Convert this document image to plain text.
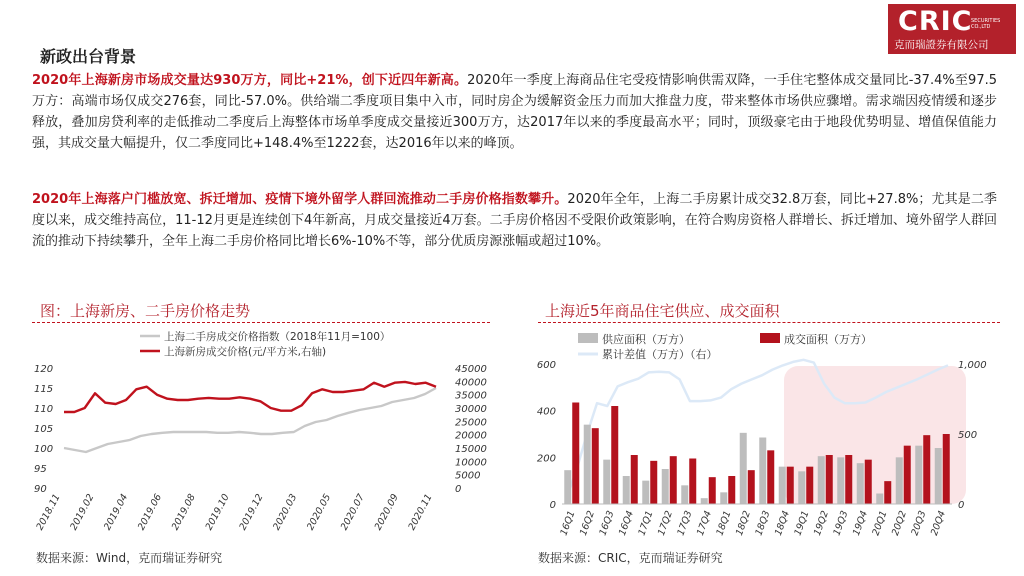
CRIC
SECURITIES CO.,LTD
克而瑞證券有限公司
新政出台背景
2020年上海新房市场成交量达930万方，同比+21%，创下近四年新高。2020年一季度上海商品住宅受疫情影响供需双降，一手住宅整体成交量同比-37.4%至97.5万方：高端市场仅成交276套，同比-57.0%。供给端二季度项目集中入市，同时房企为缓解资金压力而加大推盘力度，带来整体市场供应骤增。需求端因疫情缓和逐步释放，叠加房贷利率的走低推动二季度后上海整体市场单季度成交量接近300万方，达2017年以来的季度最高水平；同时，顶级豪宅由于地段优势明显、增值保值能力强，其成交量大幅提升，仅二季度同比+148.4%至1222套，达2016年以来的峰顶。
2020年上海落户门槛放宽、拆迁增加、疫情下境外留学人群回流推动二手房价格指数攀升。2020年全年，上海二手房累计成交32.8万套，同比+27.8%；尤其是二季度以来，成交维持高位，11-12月更是连续创下4年新高，月成交量接近4万套。二手房价格因不受限价政策影响，在符合购房资格人群增长、拆迁增加、境外留学人群回流的推动下持续攀升，全年上海二手房价格同比增长6%-10%不等，部分优质房源涨幅或超过10%。
图：上海新房、二手房价格走势	上海近5年商品住宅供应、成交面积
上海二手房成交价格指数（2018年11月=100）
上海新房成交价格(元/平方米,右轴)
120
115
110
105
100
95
90
45000
40000
35000
30000
25000
20000
15000
10000
5000
0
2018.11 2019.02 2019.04 2019.06 2019.08 2019.10 2019.12 2020.03 2020.05 2020.07 2020.09 2020.11
供应面积（万方）	成交面积（万方）
累计差值（万方）（右）
600
400
200
0
1,000
500
0
16Q1 16Q2 16Q3 16Q4 17Q1 17Q2 17Q3 17Q4 18Q1 18Q2 18Q3 18Q4 19Q1 19Q2 19Q3 19Q4 20Q1 20Q2 20Q3 20Q4
数据来源：Wind，克而瑞证券研究	数据来源：CRIC，克而瑞证券研究
